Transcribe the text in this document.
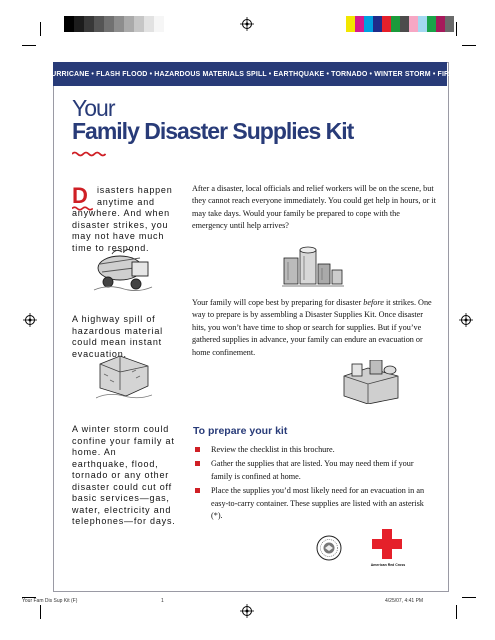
HURRICANE • FLASH FLOOD • HAZARDOUS MATERIALS SPILL • EARTHQUAKE • TORNADO • WINTER STORM • FIRE
Your
Family Disaster Supplies Kit
D isasters happen anytime and anywhere. And when disaster strikes, you may not have much time to respond.
After a disaster, local officials and relief workers will be on the scene, but they cannot reach everyone immediately. You could get help in hours, or it may take days. Would your family be prepared to cope with the emergency until help arrives?
A highway spill of hazardous material could mean instant evacuation.
Your family will cope best by preparing for disaster before it strikes. One way to prepare is by assembling a Disaster Supplies Kit. Once disaster hits, you won’t have time to shop or search for supplies. But if you’ve gathered supplies in advance, your family can endure an evacuation or home confinement.
A winter storm could confine your family at home. An earthquake, flood, tornado or any other disaster could cut off basic services—gas, water, electricity and telephones—for days.
To prepare your kit
Review the checklist in this brochure.
Gather the supplies that are listed. You may need them if your family is confined at home.
Place the supplies you’d most likely need for an evacuation in an easy-to-carry container. These supplies are listed with an asterisk (*).
American Red Cross
Your Fam Dis Sup Kit (F)	1	4/25/07, 4:41 PM
